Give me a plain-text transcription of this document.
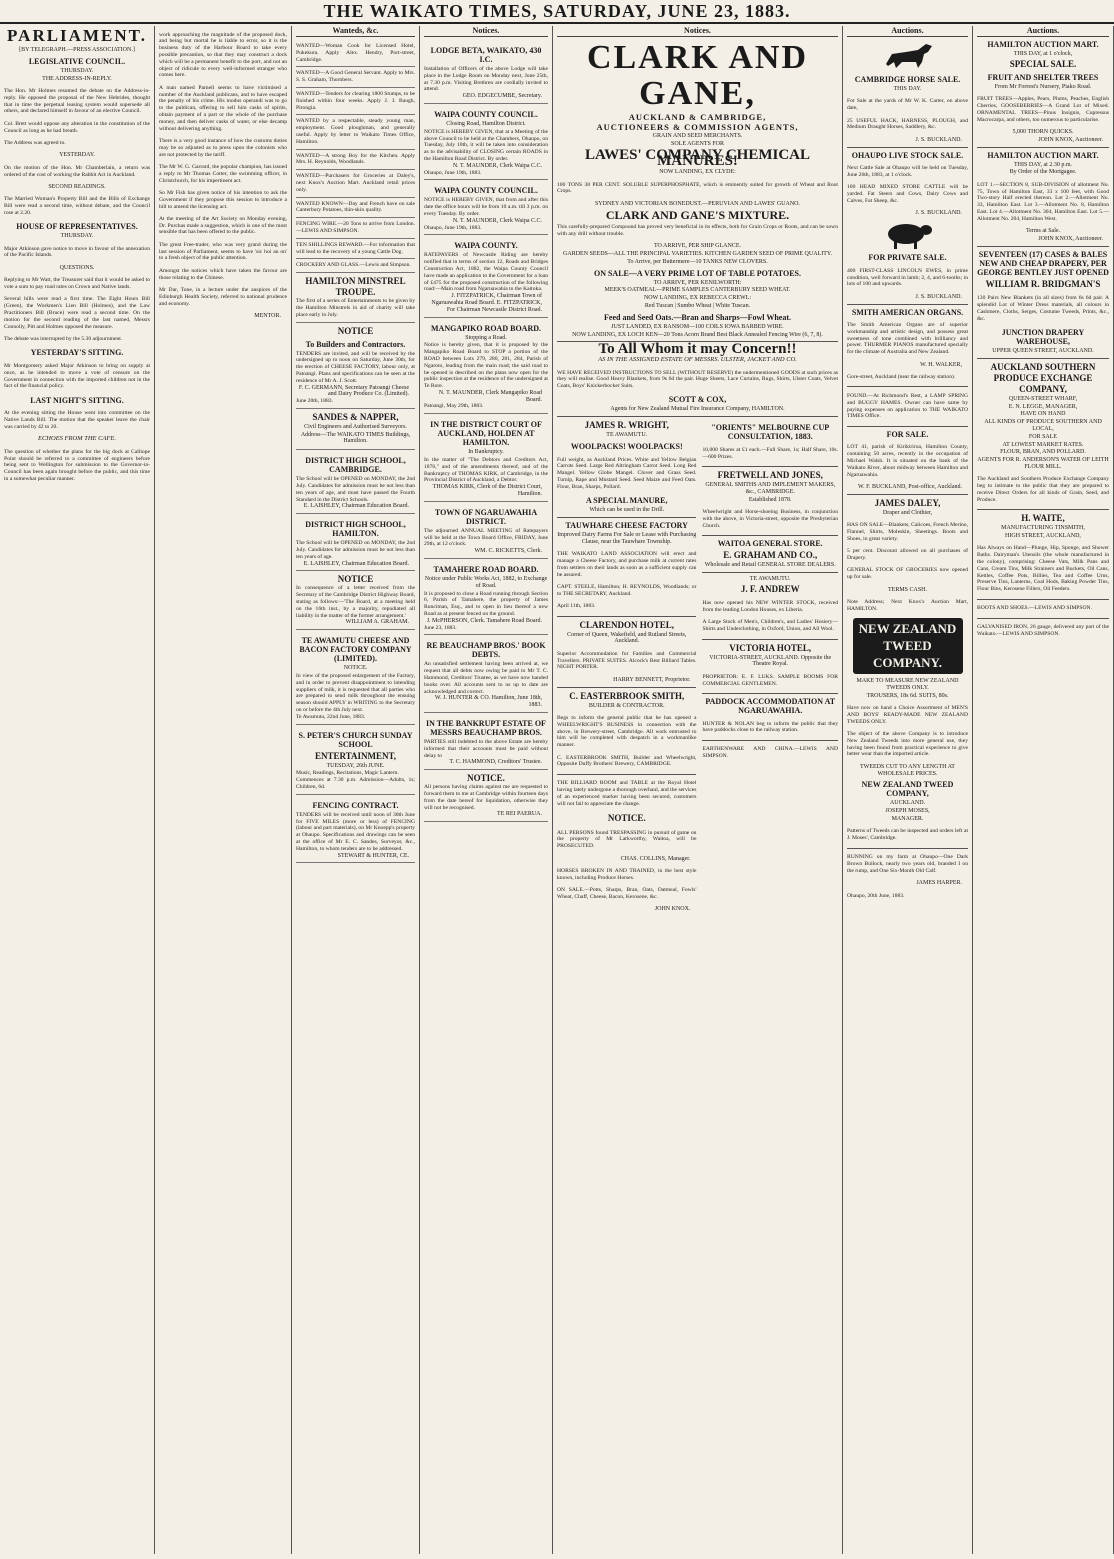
THE WAIKATO TIMES, SATURDAY, JUNE 23, 1883.
PARLIAMENT.
[BY TELEGRAPH.—PRESS ASSOCIATION.]
LEGISLATIVE COUNCIL.
THURSDAY.
THE ADDRESS-IN-REPLY.

The Hon. Mr Holmes resumed the debate on the Address-in-reply. He opposed the proposal of the New Hebrides, thought that in time the perpetual leasing system would supersede all others, and declared himself in favour of an elective Council.

Col. Brett would oppose any alteration in the constitution of the Council as long as he had breath.

The Address was agreed to.

YESTERDAY.

On the motion of the Hon. Mr Chamberlain, a return was ordered of the cost of working the Rabbit Act in Auckland.

SECOND READINGS.

The Married Woman's Property Bill and the Bills of Exchange Bill were read a second time, without debate, and the Council rose at 2.20.

HOUSE OF REPRESENTATIVES.
THURSDAY.

Major Atkinson gave notice to move in favour of the annexation of the Pacific Islands.

QUESTIONS.

Replying to Mr Watt, the Treasurer said that it would be asked to vote a sum to pay road rates on Crown and Native lands.

Several bills were read a first time. The Eight Hours Bill (Green), the Workmen's Lien Bill (Holmes), and the Law Practitioners Bill (Bruce) were read a second time. On the motion for the second reading of the last named, Messrs Connolly, Pitt and Holmes opposed the measure.

The debate was interrupted by the 5.30 adjournment.

YESTERDAY'S SITTING.

Mr Montgomery asked Major Atkinson to bring on supply at once, as he intended to move a vote of censure on the Government in connection with the imported children not in the fact of the financial policy.

LAST NIGHT'S SITTING.

At the evening sitting the House went into committee on the Native Lands Bill. The motion that the speaker leave the chair was carried by 42 to 20.

ECHOES FROM THE CAFE.

The question of whether the plans for the big dock at Calliope Point should be referred to a committee of engineers before being sent to Wellington for submission to the Governor-in-Council has been again brought before the public, and this time in a somewhat peculiar manner.

work approaching the magnitude of the proposed dock, and being but mortal he is liable to error, so it is the business duty of the Harbour Board to take every possible precaution, so that they may construct a dock which will be a permanent benefit to the port, and not an object of ridicule to every well-informed stranger who comes here.

A man named Parnell seems to have victimised a number of the Auckland publicans, and to have escaped the penalty of his crime. His modus operandi was to go to the publican, offering to sell him casks of spirits, obtain payment of a part or the whole of the purchase money, and then deliver casks of water, or else decamp without delivering anything.

There is a very good instance of how the customs duties may be so adjusted as to press upon the colonists who are not protected by the tariff.

The Mr W. G. Garrard, the popular champion, has issued a reply to Mr Thomas Cotter, the swimming officer, in Christchurch, for his impertinent act.

So Mr Fish has given notice of his intention to ask the Government if they propose this session to introduce a bill to amend the licensing act.

At the meeting of the Art Society on Monday evening, Dr. Purchas made a suggestion, which is one of the most sensible that has been offered to the public.

The great Free-trader, who was very grand during the last session of Parliament, seems to have 'sic hoi an on' to a fresh object of the public attention.

Amongst the notices which have taken the favour are those relating to the Chinese.

Mr Dar, Tone, in a lecture under the auspices of the Edinburgh Health Society, referred to national prudence and economy.

MENTOR.
Wanteds, &c.

WANTED—Woman Cook for Licensed Hotel, Pukekura. Apply Alex. Hendry, Port-street, Cambridge.

WANTED—A Good General Servant. Apply to Mrs. S. S. Graham, Thornbers.

WANTED—Tenders for clearing 1800 Stumps, to be finished within four weeks. Apply J. J. Baugh, Pirongia.

WANTED by a respectable, steady young man, employment. Good ploughman, and generally useful. Apply by letter to Waikato Times Office, Hamilton.

WANTED—A strong Boy for the Kitchen. Apply Mrs. H. Reynolds, Woodlands.

WANTED—Purchasers for Groceries at Daley's, next Knox's Auction Mart. Auckland retail prices only.

WANTED KNOWN—Day and French have on sale Canterbury Potatoes, thin-skin quality.

FENCING WIRE.—20 Tons to arrive from London.—LEWIS AND SIMPSON.

TEN SHILLINGS REWARD.—For information that will lead to the recovery of a young Cattle Dog.

CROCKERY AND GLASS.—Lewis and Simpson.

HAMILTON MINSTREL TROUPE.

The first of a series of Entertainments to be given by the Hamilton Minstrels in aid of charity will take place early in July.

NOTICE
To Builders and Contractors.

TENDERS are invited, and will be received by the undersigned up to noon on Saturday, June 30th, for the erection of CHEESE FACTORY, labour only, at Patoangi. Plans and specifications can be seen at the residence of Mr A. J. Scott.

F. C. GERMANN, Secretary Patoangi Cheese and Dairy Produce Co. (Limited).

June 20th, 1883.

SANDES & NAPPER,
Civil Engineers and Authorised Surveyors.
Address—The WAIKATO TIMES Buildings, Hamilton.
DISTRICT HIGH SCHOOL, CAMBRIDGE.

The School will be OPENED on MONDAY, the 2nd July. Candidates for admission must be not less than ten years of age, and must have passed the Fourth Standard in the District Schools.

E. LAISHLEY, Chairman Education Board.
DISTRICT HIGH SCHOOL, HAMILTON.

The School will be OPENED on MONDAY, the 2nd July. Candidates for admission must be not less than ten years of age.

E. LAISHLEY, Chairman Education Board.
NOTICE

In consequence of a letter received from the Secretary of the Cambridge District Highway Board, stating as follows:—'The Board, at a meeting held on the 16th inst., by a majority, repudiated all liability in the matter of the former arrangement.'

WILLIAM A. GRAHAM.
TE AWAMUTU CHEESE AND BACON FACTORY COMPANY (LIMITED).
NOTICE.

In view of the proposed enlargement of the Factory, and in order to prevent disappointment to intending suppliers of milk, it is requested that all parties who are prepared to send milk throughout the ensuing season should APPLY in WRITING to the Secretary on or before the 4th July next.

Te Awamutu, 22nd June, 1883.

S. PETER'S CHURCH SUNDAY SCHOOL
ENTERTAINMENT,
TUESDAY, 26th JUNE.

Music, Readings, Recitations, Magic Lantern.

Commences at 7.30 p.m. Admission—Adults, 1s; Children, 6d.

FENCING CONTRACT.

TENDERS will be received until noon of 30th June for FIVE MILES (more or less) of FENCING (labour and part materials), on Mr Knoepp's property at Ohaupo. Specifications and drawings can be seen at the office of Mr E. C. Sandes, Surveyor, &c., Hamilton, to whom tenders are to be addressed.

STEWART & HUNTER, CE.
Notices.
LODGE BETA, WAIKATO, 430 I.C.

Installation of Officers of the above Lodge will take place in the Lodge Room on Monday next, June 25th, at 7.30 p.m. Visiting Brethren are cordially invited to attend.

GEO. EDGECUMBE, Secretary.
WAIPA COUNTY COUNCIL.
Closing Road, Hamilton District.

NOTICE is HEREBY GIVEN, that at a Meeting of the above Council to be held at the Chambers, Ohaupo, on Tuesday, July 10th, it will be taken into consideration as to the advisability of CLOSING certain ROADS in the Hamilton Road District. By order.

N. T. MAUNDER, Clerk Waipa C.C.

Ohaupo, June 19th, 1883.

WAIPA COUNTY COUNCIL.

NOTICE is HEREBY GIVEN, that from and after this date the office hours will be from 10 a.m. till 3 p.m. on every Tuesday. By order.

N. T. MAUNDER, Clerk Waipa C.C.

Ohaupo, June 19th, 1883.

WAIPA COUNTY.

RATEPAYERS of Newcastle Riding are hereby notified that in terms of section 12, Roads and Bridges Construction Act, 1882, the Waipa County Council have made an application to the Government for a loan of £475 for the proposed construction of the following road:—Main road from Ngaruawahia to the Kaitoka.

J. FITZPATRICK, Chairman Town of Ngaruawahia Road Board. E. FITZPATRICK, For Chairman Newcastle District Road.
MANGAPIKO ROAD BOARD.
Stopping a Road.

Notice is hereby given, that it is proposed by the Mangapiko Road Board to STOP a portion of the ROAD between Lots 279, 280, 281, 284, Parish of Ngaroto, leading from the main road; the said road to be opened is described on the plans now open for the public inspection at the residence of the undersigned at Te Rore.

N. T. MAUNDER, Clerk Mangapiko Road Board.

Patoangi, May 29th, 1883.

IN THE DISTRICT COURT OF AUCKLAND, HOLDEN AT HAMILTON.
In Bankruptcy.

In the matter of "The Debtors and Creditors Act, 1876," and of the amendments thereof, and of the Bankruptcy of THOMAS KIRK, of Cambridge, in the Provincial District of Auckland, a Debtor.

THOMAS KIRK, Clerk of the District Court, Hamilton.
TOWN OF NGARUAWAHIA DISTRICT.

The adjourned ANNUAL MEETING of Ratepayers will be held at the Town Board Office, FRIDAY, June 29th, at 12 o'clock.

WM. C. RICKETTS, Clerk.
TAMAHERE ROAD BOARD.
Notice under Public Works Act, 1882, to Exchange of Road.

It is proposed to close a Road running through Section 6, Parish of Tamahere, the property of James Runciman, Esq., and to open in lieu thereof a new Road as at present fenced on the ground.

J. McPHERSON, Clerk. Tamahere Road Board.

June 23, 1883.

RE BEAUCHAMP BROS.' BOOK DEBTS.

An unsatisfied settlement having been arrived at, we request that all debts now owing be paid to Mr T. C. Hammond, Creditors' Trustee, as we have now handed books over. All accounts sent to us up to date are acknowledged and correct.

W. J. HUNTER & CO. Hamilton, June 18th, 1883.
IN THE BANKRUPT ESTATE OF MESSRS BEAUCHAMP BROS.

PARTIES still indebted to the above Estate are hereby informed that their accounts must be paid without delay to

T. C. HAMMOND, Creditors' Trustee.
NOTICE.

All persons having claims against me are requested to forward them to me at Cambridge within fourteen days from the date hereof for liquidation, otherwise they will not be recognised.

TE REI PAERUA.
Notices.
CLARK AND GANE,
AUCKLAND & CAMBRIDGE,
AUCTIONEERS & COMMISSION AGENTS,
GRAIN AND SEED MERCHANTS.
SOLE AGENTS FOR
LAWES' COMPANY CHEMICAL MANURES!
NOW LANDING, EX CLYDE:

100 TONS 38 PER CENT. SOLUBLE SUPERPHOSPHATE, which is eminently suited for growth of Wheat and Root Crops.

SYDNEY AND VICTORIAN BONEDUST.—PERUVIAN AND LAWES' GUANO.
CLARK AND GANE'S MIXTURE.

This carefully-prepared Compound has proved very beneficial in its effects, both for Grain Crops or Roots, and can be sown with any drill without trouble.

TO ARRIVE, PER SHIP GLANCE.
GARDEN SEEDS—ALL THE PRINCIPAL VARIETIES. KITCHEN GARDEN SEED OF PRIME QUALITY.
To Arrive, per Buttermere—10 TANKS NEW CLOVERS.
ON SALE—A VERY PRIME LOT OF TABLE POTATOES.
TO ARRIVE, PER KENILWORTH:
MEEK'S OATMEAL—PRIME SAMPLES CANTERBURY SEED WHEAT.
NOW LANDING, EX REBECCA CREWL:
Red Tuscan | Sumbo Wheat | White Tuscan.
Feed and Seed Oats.—Bran and Sharps—Fowl Wheat.
JUST LANDED, EX RANSOM—100 COILS IOWA BARBED WIRE.
NOW LANDING, EX LOCH KEN—20 Tons Acorn Brand Best Black Annealed Fencing Wire (6, 7, 8).
To All Whom it may Concern!!
AS IN THE ASSIGNED ESTATE OF MESSRS. ULSTER, JACKET AND CO.

WE HAVE RECEIVED INSTRUCTIONS TO SELL (WITHOUT RESERVE) the undermentioned GOODS at such prices as they will realise. Good Heavy Blankets, from 9s 6d the pair. Huge Sheets, Lace Curtains, Rugs, Shirts, Ulster Coats, Velvet Coats, Boys' Knickerbocker Suits.

SCOTT & COX,
Agents for New Zealand Mutual Fire Insurance Company, HAMILTON.
JAMES R. WRIGHT,
TE AWAMUTU.
WOOLPACKS! WOOLPACKS!

Full weight, as Auckland Prices. White and Yellow Belgian Carrots Seed. Large Red Altringham Carrot Seed. Long Red Mangel. Yellow Globe Mangel. Clover and Grass Seed. Turnip, Rape and Mustard Seed. Seed Maize and Feed Oats. Flour, Bran, Sharps, Pollard.

A SPECIAL MANURE,
Which can be used in the Drill.
TAUWHARE CHEESE FACTORY
Improved Dairy Farms For Sale or Lease with Purchasing Clause, near the Tauwhare Township.

THE WAIKATO LAND ASSOCIATION will erect and manage a Cheese Factory, and purchase milk at current rates from settlers on their lands as soon as a sufficient supply can be assured.

CAPT. STEELE, Hamilton; H. REYNOLDS, Woodlands; or to THE SECRETARY, Auckland.

April 11th, 1883.

CLARENDON HOTEL,
Corner of Queen, Wakefield, and Rutland Streets, Auckland.

Superior Accommodation for Families and Commercial Travellers. PRIVATE SUITES. Alcock's Best Billiard Tables. NIGHT PORTER.

HARRY BENNETT, Proprietor.
C. EASTERBROOK SMITH,
BUILDER & CONTRACTOR.

Begs to inform the general public that he has opened a WHEELWRIGHT'S BUSINESS in connection with the above, in Brewery-street, Cambridge. All work entrusted to him will be completed with despatch in a workmanlike manner.

C. EASTERBROOK SMITH, Builder and Wheelwright, Opposite Duffy Brothers' Brewery, CAMBRIDGE.

THE BILLIARD ROOM and TABLE at the Royal Hotel having lately undergone a thorough overhaul, and the services of an experienced marker having been secured, customers will not fail to appreciate the change.

NOTICE.

ALL PERSONS found TRESPASSING in pursuit of game on the property of Mr Larkworthy, Waitoa, will be PROSECUTED.

CHAS. COLLINS, Manager.

HORSES BROKEN IN AND TRAINED, in the best style known, including Produce Horses.

ON SALE.—Potts, Sharps, Bran, Oats, Oatmeal, Fowls' Wheat, Chaff, Cheese, Bacon, Kerosene, &c.

JOHN KNOX.
"ORIENTS" MELBOURNE CUP CONSULTATION, 1883.

10,000 Shares at £1 each.—Full Share, 1s; Half Share, 10s.—600 Prizes.

FRETWELL AND JONES,
GENERAL SMITHS AND IMPLEMENT MAKERS, &c., CAMBRIDGE.
Established 1878.

Wheelwright and Horse-shoeing Business, in conjunction with the above, in Victoria-street, opposite the Presbyterian Church.

WAITOA GENERAL STORE.
E. GRAHAM AND CO.,
Wholesale and Retail GENERAL STORE DEALERS.
TE AWAMUTU.
J. F. ANDREW

Has now opened his NEW WINTER STOCK, received from the leading London Houses, ex Liberia.

A Large Stock of Men's, Children's, and Ladies' Hosiery—Shirts and Underclothing, in Oxford, Union, and All Wool.

VICTORIA HOTEL,
VICTORIA-STREET, AUCKLAND. Opposite the Theatre Royal.

PROPRIETOR: E. F. LUKS. SAMPLE ROOMS FOR COMMERCIAL GENTLEMEN.

PADDOCK ACCOMMODATION AT NGARUAWAHIA.

HUNTER & NOLAN beg to inform the public that they have paddocks close to the railway station.

EARTHENWARE AND CHINA.—LEWIS AND SIMPSON.

Auctions.
CAMBRIDGE HORSE SALE.
THIS DAY.

For Sale at the yards of Mr W. K. Carter, on above date,

25 USEFUL HACK, HARNESS, PLOUGH, and Medium Draught Horses, Saddlery, &c.

J. S. BUCKLAND.
OHAUPO LIVE STOCK SALE.

Next Cattle Sale at Ohaupo will be held on Tuesday, June 26th, 1883, at 1 o'clock.

100 HEAD MIXED STORE CATTLE will be yarded. Fat Steers and Cows, Dairy Cows and Calves, Fat Sheep, &c.

J. S. BUCKLAND.
FOR PRIVATE SALE.

400 FIRST-CLASS LINCOLN EWES, in prime condition, well forward in lamb; 2, 4, and 6-tooths; in lots of 100 and upwards.

J. S. BUCKLAND.
SMITH AMERICAN ORGANS.

The Smith American Organs are of superior workmanship and artistic design, and possess great sweetness of tone combined with brilliancy and power. THURMER PIANOS manufactured specially for the climate of Australia and New Zealand.

W. H. WALKER,

Gore-street, Auckland (near the railway station).

FOUND.—At Richmond's Rest, a LAMP SPRING and BUGGY HAMES. Owner can have same by paying expenses on application to THE WAIKATO TIMES Office.

FOR SALE.

LOT 41, parish of Kirikiriroa, Hamilton County, containing 50 acres, recently in the occupation of Michael Walsh. It is situated on the bank of the Waikato River, about midway between Hamilton and Ngaruawahia.

W. F. BUCKLAND, Post-office, Auckland.
JAMES DALEY,
Draper and Clothier,

HAS ON SALE—Blankets, Calicoes, French Merino, Flannel, Shirts, Moleskin, Sheetings. Boots and Shoes, in great variety.

5 per cent. Discount allowed on all purchases of Drapery.

GENERAL STOCK OF GROCERIES now opened up for sale.

TERMS CASH.

Note Address; Next Knox's Auction Mart, HAMILTON.

NEW ZEALAND
TWEED
COMPANY.
MAKE TO MEASURE NEW ZEALAND TWEEDS ONLY.
TROUSERS, 18s 6d. SUITS, 80s.

Have now on hand a Choice Assortment of MEN'S AND BOYS' READY-MADE NEW ZEALAND TWEEDS ONLY.

The object of the above Company is to introduce New Zealand Tweeds into more general use, they having been found from practical experience to give better wear than the imported article.

TWEEDS CUT TO ANY LENGTH AT WHOLESALE PRICES.
NEW ZEALAND TWEED COMPANY,
AUCKLAND.
JOSEPH MOSES,
MANAGER.

Patterns of Tweeds can be inspected and orders left at J. Moses', Cambridge.

RUNNING on my farm at Ohaupo—One Dark Brown Bullock, nearly two years old, branded I on the rump, and One Six-Month Old Calf.

JAMES HARPER.

Ohaupo, 20th June, 1883.

Auctions.
HAMILTON AUCTION MART.
THIS DAY, at 1 o'clock,
SPECIAL SALE.
FRUIT AND SHELTER TREES
From Mr Forrest's Nursery, Piako Road.

FRUIT TREES—Apples, Pears, Plums, Peaches, English Cherries, GOOSEBERRIES—A Grand Lot of Mixed. ORNAMENTAL TREES—Pinus Insignis, Cupressus Macrocarpa, and others, too numerous to particularise.

5,000 THORN QUICKS.
JOHN KNOX, Auctioneer.
HAMILTON AUCTION MART.
THIS DAY, at 2.30 p.m.
By Order of the Mortgagee.

LOT 1.—SECTION 8, SUB-DIVISION of allotment No. 75, Town of Hamilton East, 33 x 100 feet, with Good Two-story Half erected thereon. Lot 2.—Allotment No. 33, Hamilton East. Lot 3.—Allotment No. 8, Hamilton East. Lot 4.—Allotment No. 304, Hamilton East. Lot 5.—Allotment No. 204, Hamilton West.

Terms at Sale.
JOHN KNOX, Auctioneer.
SEVENTEEN (17) CASES & BALES NEW AND CHEAP DRAPERY, PER GEORGE BENTLEY JUST OPENED
WILLIAM R. BRIDGMAN'S

130 Pairs New Blankets (in all sizes) from 6s 6d pair. A splendid Lot of Winter Dress materials, all colours in Cashmere, Cloths, Serges, Costume Tweeds, Prints, &c., &c.

JUNCTION DRAPERY WAREHOUSE,
UPPER QUEEN STREET, AUCKLAND.
AUCKLAND SOUTHERN PRODUCE EXCHANGE COMPANY,
QUEEN-STREET WHARF,
E. N. LEGGE, MANAGER,
HAVE ON HAND
ALL KINDS OF PRODUCE SOUTHERN AND LOCAL,
FOR SALE
AT LOWEST MARKET RATES.
FLOUR, BRAN, AND POLLARD.
AGENTS FOR R. ANDERSON'S WATER OF LEITH FLOUR MILL.

The Auckland and Southern Produce Exchange Company beg to intimate to the public that they are prepared to receive Direct Orders for all kinds of Grain, Seed, and Produce.

H. WAITE,
MANUFACTURING TINSMITH,
HIGH STREET, AUCKLAND,

Has Always on Hand—Plunge, Hip, Sponge, and Shower Baths. Dairyman's Utensils (the whole manufactured in the colony), comprising: Cheese Vats, Milk Pans and Cans, Cream Tins, Milk Strainers and Buckets, Oil Cans, Kettles, Coffee Pots, Billies, Tea and Coffee Urns, Preserve Tins, Lanterns, Coal Hods, Baking Powder Tins, Flour Bins, Kerosene Fillers, Oil Feeders.

BOOTS AND SHOES.—LEWIS AND SIMPSON.

GALVANISED IRON, 26 gauge, delivered any part of the Waikato.—LEWIS AND SIMPSON.
